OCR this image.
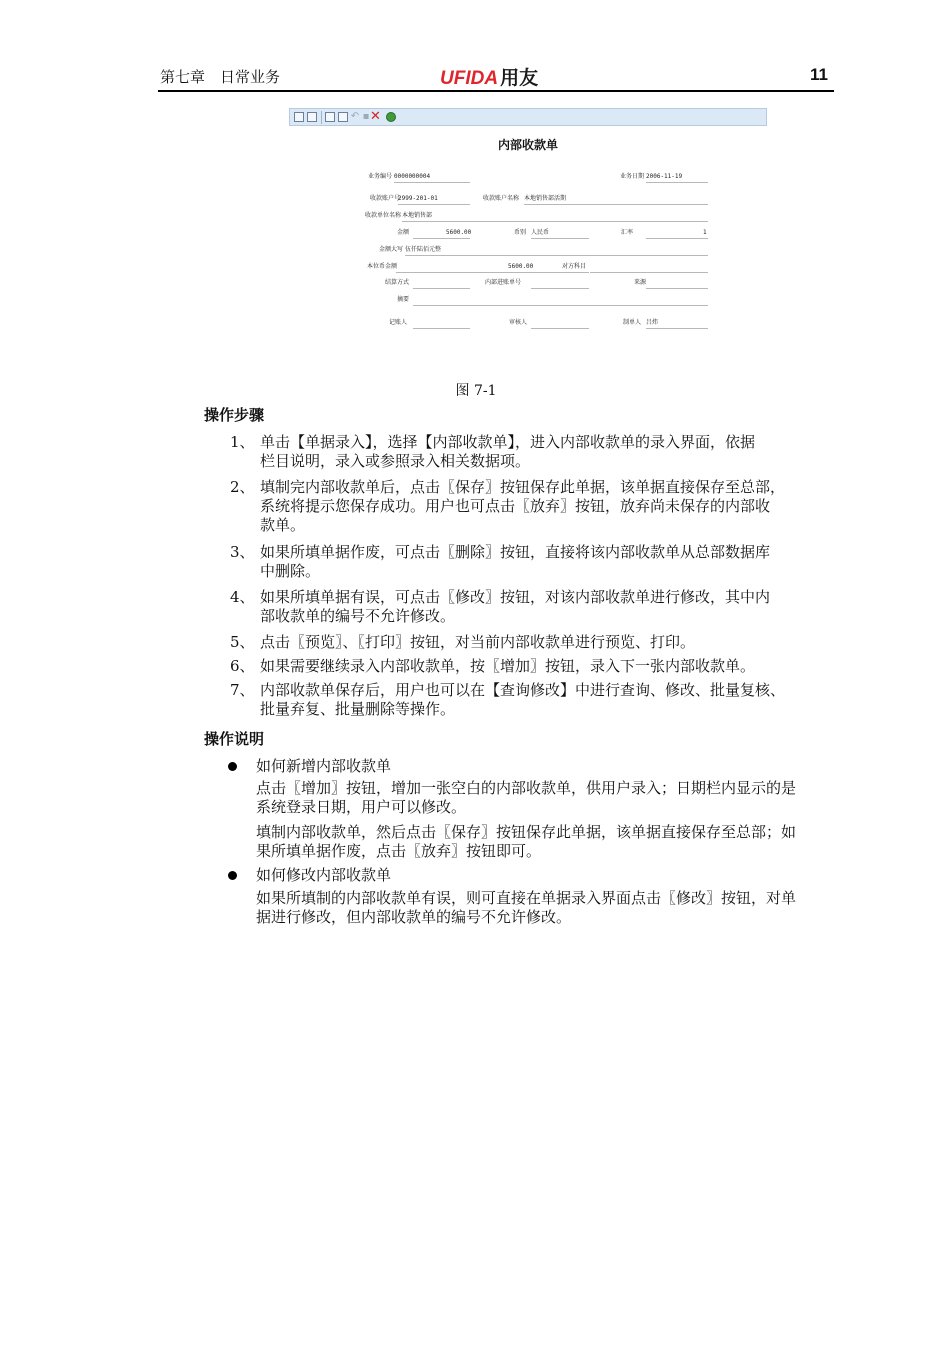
第七章　日常业务	UFIDA 用友	11
↶ ▪ ✕
内部收款单
业务编号 0000000004	业务日期 2006-11-19
收款账户号
2999-201-01	收款账户名称 本地销售部活期
收款单位名称 本地销售部
金额	5600.00	币别 人民币	汇率	1
金额大写 伍仟陆佰元整
本位币金额	5600.00	对方科目
结算方式	内部进账单号	来源
摘要
记账人	审核人	制单人 吕炜
图 7-1
操作步骤
1、 单击【单据录入】，选择【内部收款单】，进入内部收款单的录入界面，依据
栏目说明，录入或参照录入相关数据项。
2、 填制完内部收款单后，点击〖保存〗按钮保存此单据，该单据直接保存至总部，
系统将提示您保存成功。用户也可点击〖放弃〗按钮，放弃尚未保存的内部收
款单。
3、 如果所填单据作废，可点击〖删除〗按钮，直接将该内部收款单从总部数据库
中删除。
4、 如果所填单据有误，可点击〖修改〗按钮，对该内部收款单进行修改，其中内
部收款单的编号不允许修改。
5、 点击〖预览〗、〖打印〗按钮，对当前内部收款单进行预览、打印。
6、 如果需要继续录入内部收款单，按〖增加〗按钮，录入下一张内部收款单。
7、 内部收款单保存后，用户也可以在【查询修改】中进行查询、修改、批量复核、
批量弃复、批量删除等操作。
操作说明
如何新增内部收款单
点击〖增加〗按钮，增加一张空白的内部收款单，供用户录入；日期栏内显示的是
系统登录日期，用户可以修改。
填制内部收款单，然后点击〖保存〗按钮保存此单据，该单据直接保存至总部；如
果所填单据作废，点击〖放弃〗按钮即可。
如何修改内部收款单
如果所填制的内部收款单有误，则可直接在单据录入界面点击〖修改〗按钮，对单
据进行修改，但内部收款单的编号不允许修改。
